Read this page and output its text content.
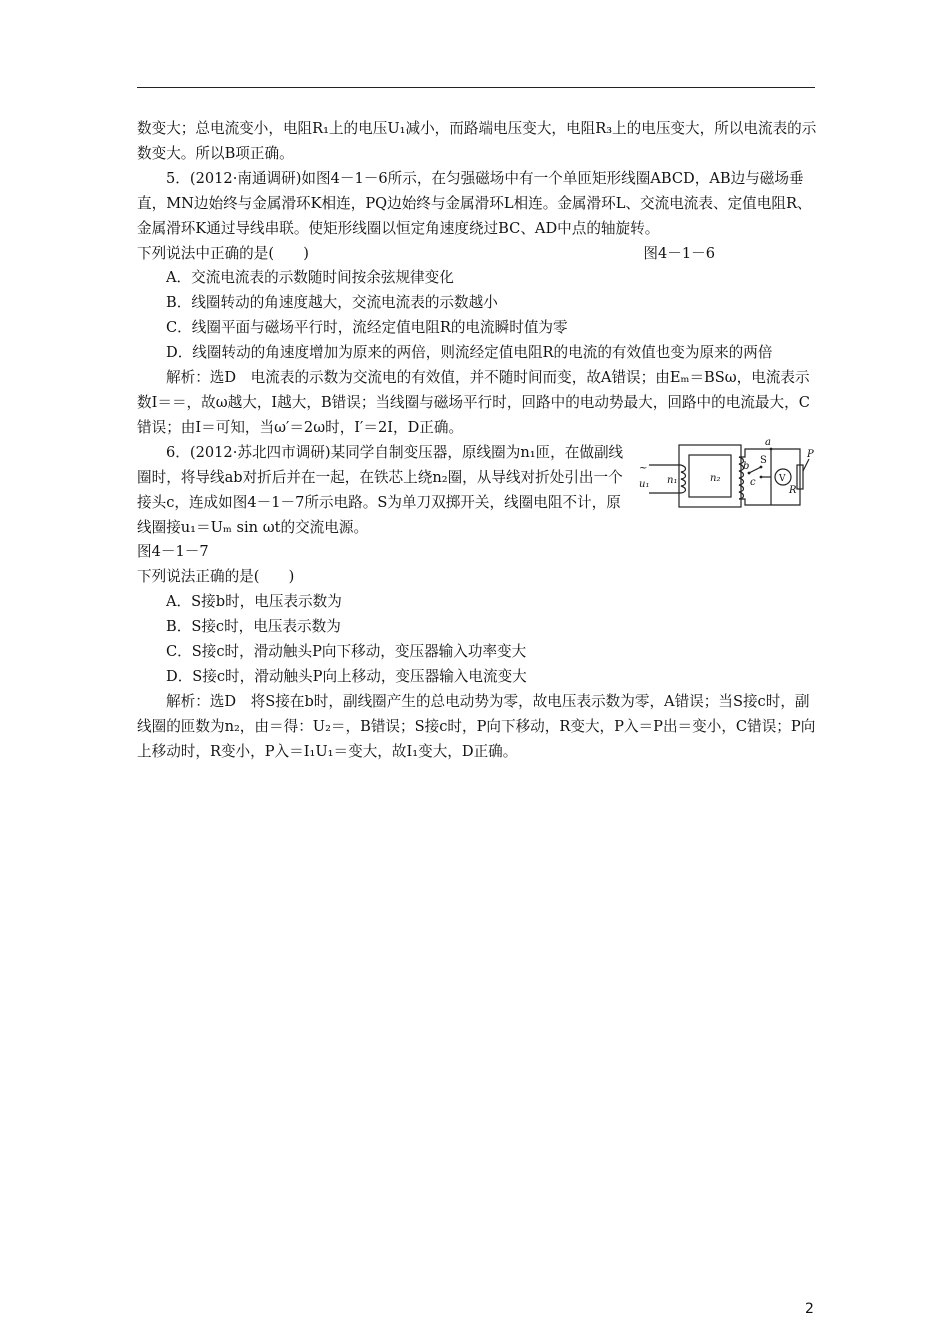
数变大；总电流变小，电阻R₁上的电压U₁减小，而路端电压变大，电阻R₃上的电压变大，所以电流表的示数变大。所以B项正确。

5．(2012·南通调研)如图4－1－6所示，在匀强磁场中有一个单匝矩形线圈ABCD，AB边与磁场垂直，MN边始终与金属滑环K相连，PQ边始终与金属滑环L相连。金属滑环L、交流电流表、定值电阻R、金属滑环K通过导线串联。使矩形线圈以恒定角速度绕过BC、AD中点的轴旋转。

下列说法中正确的是(　　)	图4－1－6

A．交流电流表的示数随时间按余弦规律变化

B．线圈转动的角速度越大，交流电流表的示数越小

C．线圈平面与磁场平行时，流经定值电阻R的电流瞬时值为零

D．线圈转动的角速度增加为原来的两倍，则流经定值电阻R的电流的有效值也变为原来的两倍

解析：选D　电流表的示数为交流电的有效值，并不随时间而变，故A错误；由Eₘ＝BSω，电流表示数I＝＝，故ω越大，I越大，B错误；当线圈与磁场平行时，回路中的电动势最大，回路中的电流最大，C错误；由I＝可知，当ω′＝2ω时，I′＝2I，D正确。

6．(2012·苏北四市调研)某同学自制变压器，原线圈为n₁匝，在做副线圈时，将导线ab对折后并在一起，在铁芯上绕n₂圈，从导线对折处引出一个接头c，连成如图4－1－7所示电路。S为单刀双掷开关，线圈电阻不计，原线圈接u₁＝Uₘ sin ωt的交流电源。

~
u₁ n₁	n₂
a
b
c
S
V
R
P

图4－1－7

下列说法正确的是(　　)

A．S接b时，电压表示数为

B．S接c时，电压表示数为

C．S接c时，滑动触头P向下移动，变压器输入功率变大

D．S接c时，滑动触头P向上移动，变压器输入电流变大

解析：选D　将S接在b时，副线圈产生的总电动势为零，故电压表示数为零，A错误；当S接c时，副线圈的匝数为n₂，由＝得：U₂＝，B错误；S接c时，P向下移动，R变大，P入＝P出＝变小，C错误；P向上移动时，R变小，P入＝I₁U₁＝变大，故I₁变大，D正确。

2
